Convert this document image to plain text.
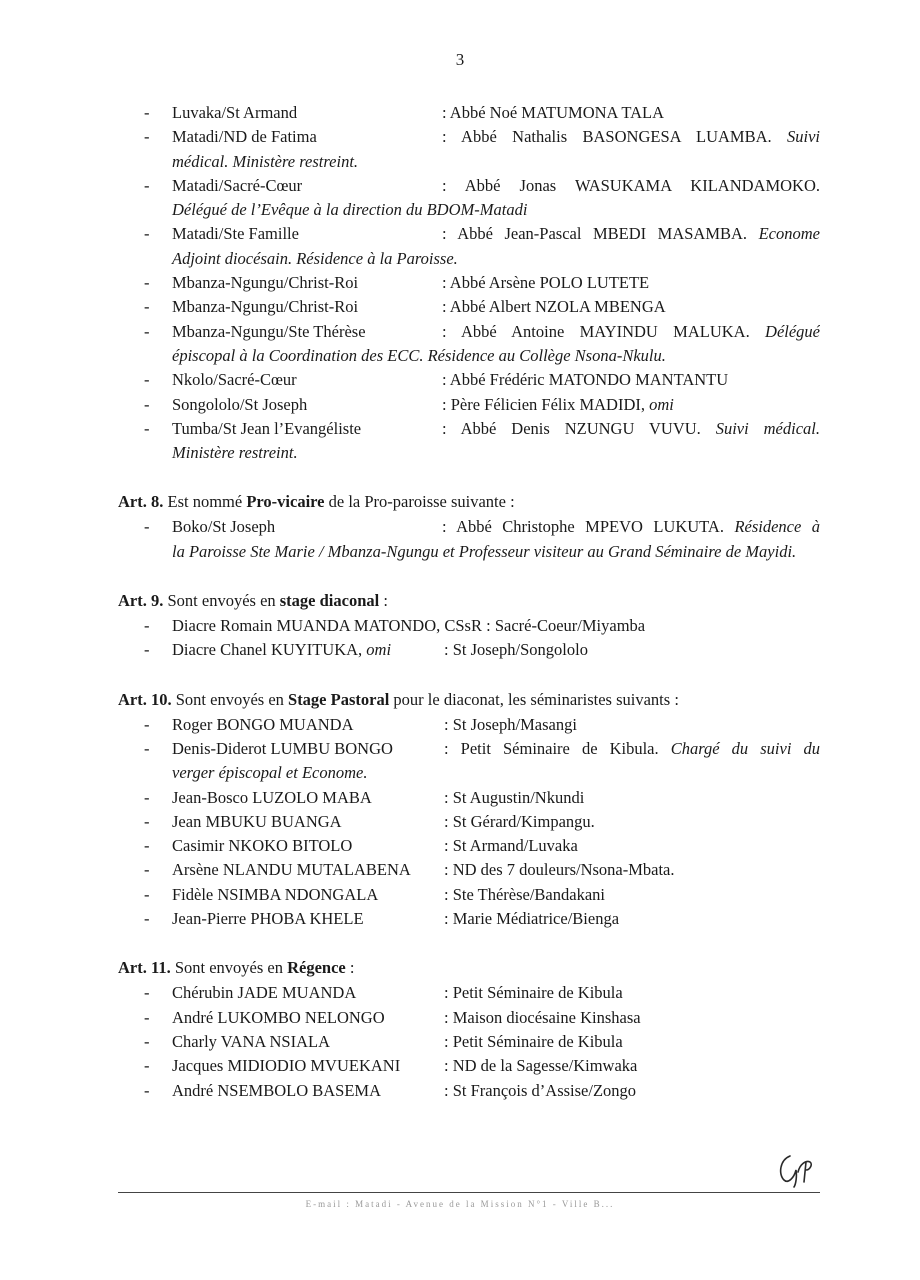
3
- Luvaka/St Armand	: Abbé Noé MATUMONA TALA
- Matadi/ND de Fatima	: Abbé Nathalis BASONGESA LUAMBA. Suivi
médical. Ministère restreint.
- Matadi/Sacré-Cœur	: Abbé Jonas WASUKAMA KILANDAMOKO.
Délégué de l’Evêque à la direction du BDOM-Matadi
- Matadi/Ste Famille	: Abbé Jean-Pascal MBEDI MASAMBA. Econome
Adjoint diocésain. Résidence à la Paroisse.
- Mbanza-Ngungu/Christ-Roi	: Abbé Arsène POLO LUTETE
- Mbanza-Ngungu/Christ-Roi	: Abbé Albert NZOLA MBENGA
- Mbanza-Ngungu/Ste Thérèse	: Abbé Antoine MAYINDU MALUKA. Délégué
épiscopal à la Coordination des ECC. Résidence au Collège Nsona-Nkulu.
- Nkolo/Sacré-Cœur	: Abbé Frédéric MATONDO MANTANTU
- Songololo/St Joseph	: Père Félicien Félix MADIDI, omi
- Tumba/St Jean l’Evangéliste	: Abbé Denis NZUNGU VUVU. Suivi médical.
Ministère restreint.
Art. 8. Est nommé Pro-vicaire de la Pro-paroisse suivante :
- Boko/St Joseph	: Abbé Christophe MPEVO LUKUTA. Résidence à
la Paroisse Ste Marie / Mbanza-Ngungu et Professeur visiteur au Grand Séminaire de Mayidi.
Art. 9. Sont envoyés en stage diaconal :
- Diacre Romain MUANDA MATONDO, CSsR : Sacré-Coeur/Miyamba
- Diacre Chanel KUYITUKA, omi	: St Joseph/Songololo
Art. 10. Sont envoyés en Stage Pastoral pour le diaconat, les séminaristes suivants :
- Roger BONGO MUANDA	: St Joseph/Masangi
- Denis-Diderot LUMBU BONGO	: Petit Séminaire de Kibula. Chargé du suivi du
verger épiscopal et Econome.
- Jean-Bosco LUZOLO MABA	: St Augustin/Nkundi
- Jean MBUKU BUANGA	: St Gérard/Kimpangu.
- Casimir NKOKO BITOLO	: St Armand/Luvaka
- Arsène NLANDU MUTALABENA : ND des 7 douleurs/Nsona-Mbata.
- Fidèle NSIMBA NDONGALA	: Ste Thérèse/Bandakani
- Jean-Pierre PHOBA KHELE	: Marie Médiatrice/Bienga
Art. 11. Sont envoyés en Régence :
- Chérubin JADE MUANDA	: Petit Séminaire de Kibula
- André LUKOMBO NELONGO	: Maison diocésaine Kinshasa
- Charly VANA NSIALA	: Petit Séminaire de Kibula
- Jacques MIDIODIO MVUEKANI	: ND de la Sagesse/Kimwaka
- André NSEMBOLO BASEMA	: St François d’Assise/Zongo
E-mail : Matadi - Avenue de la Mission N°1 - Ville B...
